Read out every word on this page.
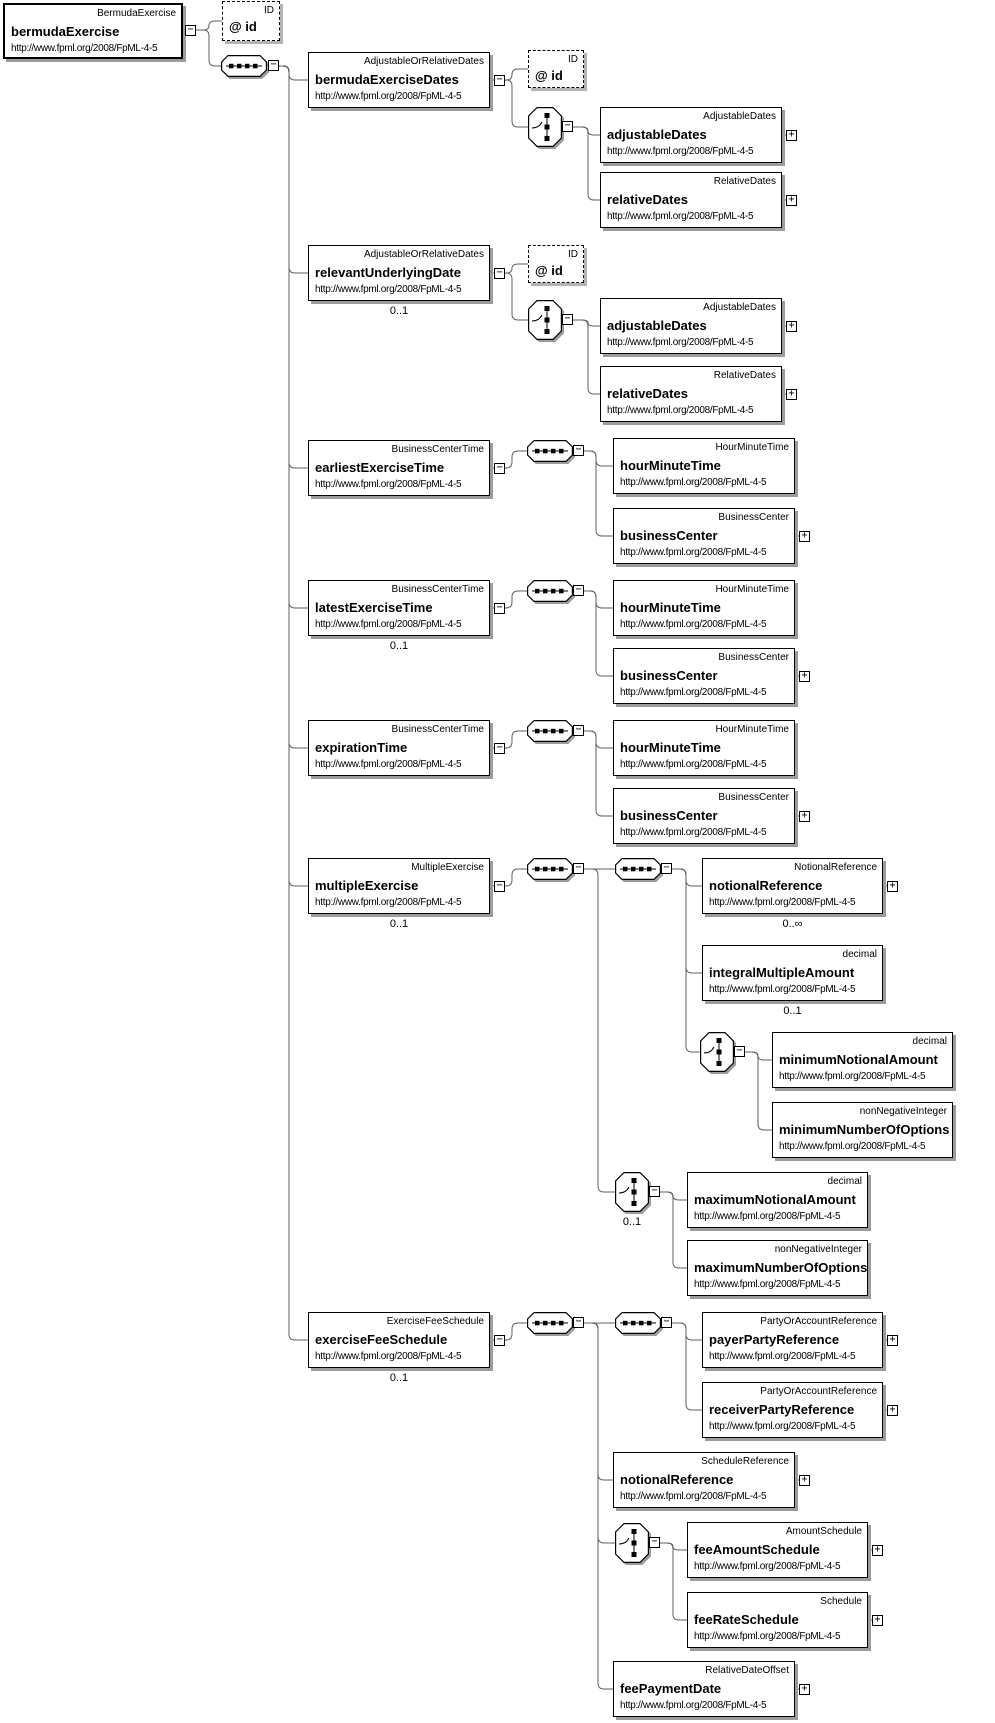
BermudaExercise
bermudaExercise
http://www.fpml.org/2008/FpML-4-5
ID
@ id
AdjustableOrRelativeDates
bermudaExerciseDates
http://www.fpml.org/2008/FpML-4-5
ID
@ id
AdjustableDates
adjustableDates
http://www.fpml.org/2008/FpML-4-5
RelativeDates
relativeDates
http://www.fpml.org/2008/FpML-4-5
AdjustableOrRelativeDates
relevantUnderlyingDate
http://www.fpml.org/2008/FpML-4-5
0..1
ID
@ id
AdjustableDates
adjustableDates
http://www.fpml.org/2008/FpML-4-5
RelativeDates
relativeDates
http://www.fpml.org/2008/FpML-4-5
BusinessCenterTime
earliestExerciseTime
http://www.fpml.org/2008/FpML-4-5
HourMinuteTime
hourMinuteTime
http://www.fpml.org/2008/FpML-4-5
BusinessCenter
businessCenter
http://www.fpml.org/2008/FpML-4-5
BusinessCenterTime
latestExerciseTime
http://www.fpml.org/2008/FpML-4-5
0..1
HourMinuteTime
hourMinuteTime
http://www.fpml.org/2008/FpML-4-5
BusinessCenter
businessCenter
http://www.fpml.org/2008/FpML-4-5
BusinessCenterTime
expirationTime
http://www.fpml.org/2008/FpML-4-5
HourMinuteTime
hourMinuteTime
http://www.fpml.org/2008/FpML-4-5
BusinessCenter
businessCenter
http://www.fpml.org/2008/FpML-4-5
MultipleExercise
multipleExercise
http://www.fpml.org/2008/FpML-4-5
0..1
NotionalReference
notionalReference
http://www.fpml.org/2008/FpML-4-5
0..∞
decimal
integralMultipleAmount
http://www.fpml.org/2008/FpML-4-5
0..1
decimal
minimumNotionalAmount
http://www.fpml.org/2008/FpML-4-5
nonNegativeInteger
minimumNumberOfOptions
http://www.fpml.org/2008/FpML-4-5
decimal
maximumNotionalAmount
http://www.fpml.org/2008/FpML-4-5
nonNegativeInteger
maximumNumberOfOptions
http://www.fpml.org/2008/FpML-4-5
ExerciseFeeSchedule
exerciseFeeSchedule
http://www.fpml.org/2008/FpML-4-5
0..1
PartyOrAccountReference
payerPartyReference
http://www.fpml.org/2008/FpML-4-5
PartyOrAccountReference
receiverPartyReference
http://www.fpml.org/2008/FpML-4-5
ScheduleReference
notionalReference
http://www.fpml.org/2008/FpML-4-5
AmountSchedule
feeAmountSchedule
http://www.fpml.org/2008/FpML-4-5
Schedule
feeRateSchedule
http://www.fpml.org/2008/FpML-4-5
RelativeDateOffset
feePaymentDate
http://www.fpml.org/2008/FpML-4-5
0..1
−
−
−
−
−
−
−
−
−
−
−
−
−
−
−	−
−	−
−
−
−
+
+
+
+
+
+
+
+
+
+
+
+
+
+
